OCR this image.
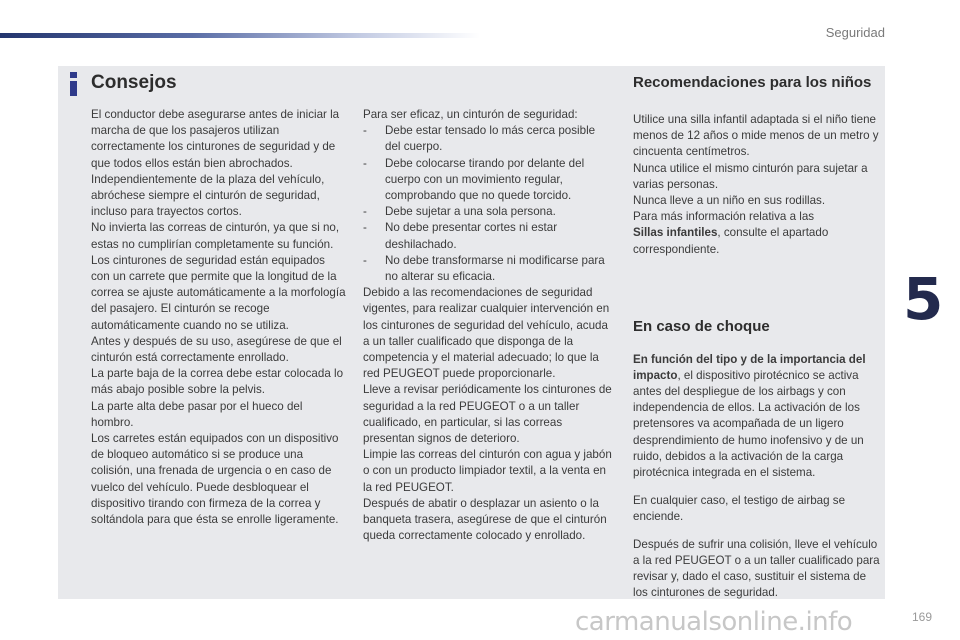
Seguridad
5
Consejos

El conductor debe asegurarse antes de iniciar la marcha de que los pasajeros utilizan correctamente los cinturones de seguridad y de que todos ellos están bien abrochados.

Independientemente de la plaza del vehículo, abróchese siempre el cinturón de seguridad, incluso para trayectos cortos.

No invierta las correas de cinturón, ya que si no, estas no cumplirían completamente su función.

Los cinturones de seguridad están equipados con un carrete que permite que la longitud de la correa se ajuste automáticamente a la morfología del pasajero. El cinturón se recoge automáticamente cuando no se utiliza.

Antes y después de su uso, asegúrese de que el cinturón está correctamente enrollado.

La parte baja de la correa debe estar colocada lo más abajo posible sobre la pelvis.

La parte alta debe pasar por el hueco del hombro.

Los carretes están equipados con un dispositivo de bloqueo automático si se produce una colisión, una frenada de urgencia o en caso de vuelco del vehículo. Puede desbloquear el dispositivo tirando con firmeza de la correa y soltándola para que ésta se enrolle ligeramente.

Para ser eficaz, un cinturón de seguridad:

-	Debe estar tensado lo más cerca posible del cuerpo.
-	Debe colocarse tirando por delante del cuerpo con un movimiento regular, comprobando que no quede torcido.
-	Debe sujetar a una sola persona.
-	No debe presentar cortes ni estar deshilachado.
-	No debe transformarse ni modificarse para no alterar su eficacia.

Debido a las recomendaciones de seguridad vigentes, para realizar cualquier intervención en los cinturones de seguridad del vehículo, acuda a un taller cualificado que disponga de la competencia y el material adecuado; lo que la red PEUGEOT puede proporcionarle.

Lleve a revisar periódicamente los cinturones de seguridad a la red PEUGEOT o a un taller cualificado, en particular, si las correas presentan signos de deterioro.

Limpie las correas del cinturón con agua y jabón o con un producto limpiador textil, a la venta en la red PEUGEOT.

Después de abatir o desplazar un asiento o la banqueta trasera, asegúrese de que el cinturón queda correctamente colocado y enrollado.

Recomendaciones para los niños

Utilice una silla infantil adaptada si el niño tiene menos de 12 años o mide menos de un metro y cincuenta centímetros.

Nunca utilice el mismo cinturón para sujetar a varias personas.

Nunca lleve a un niño en sus rodillas.

Para más información relativa a las
Sillas infantiles, consulte el apartado correspondiente.

En caso de choque

En función del tipo y de la importancia del impacto, el dispositivo pirotécnico se activa antes del despliegue de los airbags y con independencia de ellos. La activación de los pretensores va acompañada de un ligero desprendimiento de humo inofensivo y de un ruido, debidos a la activación de la carga pirotécnica integrada en el sistema.

En cualquier caso, el testigo de airbag se enciende.

Después de sufrir una colisión, lleve el vehículo a la red PEUGEOT o a un taller cualificado para revisar y, dado el caso, sustituir el sistema de los cinturones de seguridad.

carmanualsonline.info	169
